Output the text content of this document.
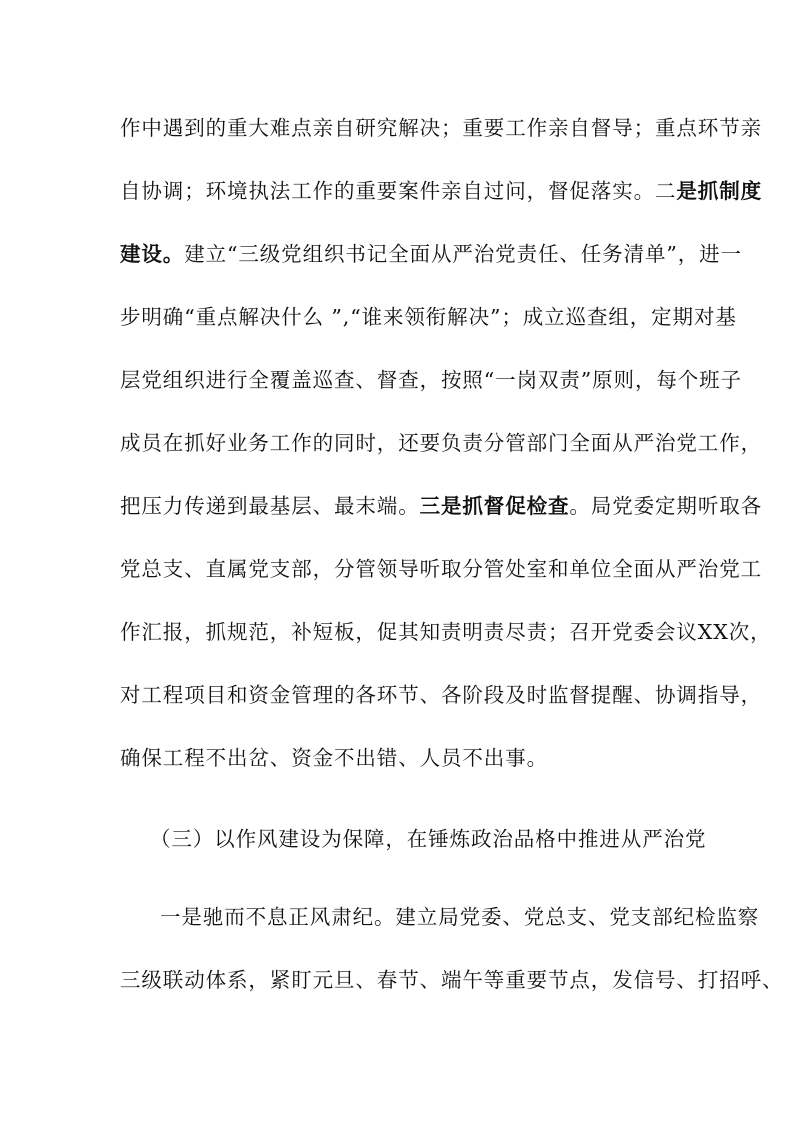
作中遇到的重大难点亲自研究解决；重要工作亲自督导；重点环节亲
自协调；环境执法工作的重要案件亲自过问，督促落实。二是抓制度
建设。建立“三级党组织书记全面从严治党责任、任务清单”，进一
步明确“重点解决什么 ”,“谁来领衔解决”；成立巡查组，定期对基
层党组织进行全覆盖巡查、督查，按照“一岗双责”原则，每个班子
成员在抓好业务工作的同时，还要负责分管部门全面从严治党工作，
把压力传递到最基层、最末端。三是抓督促检查。局党委定期听取各
党总支、直属党支部，分管领导听取分管处室和单位全面从严治党工
作汇报，抓规范，补短板，促其知责明责尽责；召开党委会议XX次，
对工程项目和资金管理的各环节、各阶段及时监督提醒、协调指导，
确保工程不出岔、资金不出错、人员不出事。
（三）以作风建设为保障，在锤炼政治品格中推进从严治党
一是驰而不息正风肃纪。建立局党委、党总支、党支部纪检监察
三级联动体系，紧盯元旦、春节、端午等重要节点，发信号、打招呼、
